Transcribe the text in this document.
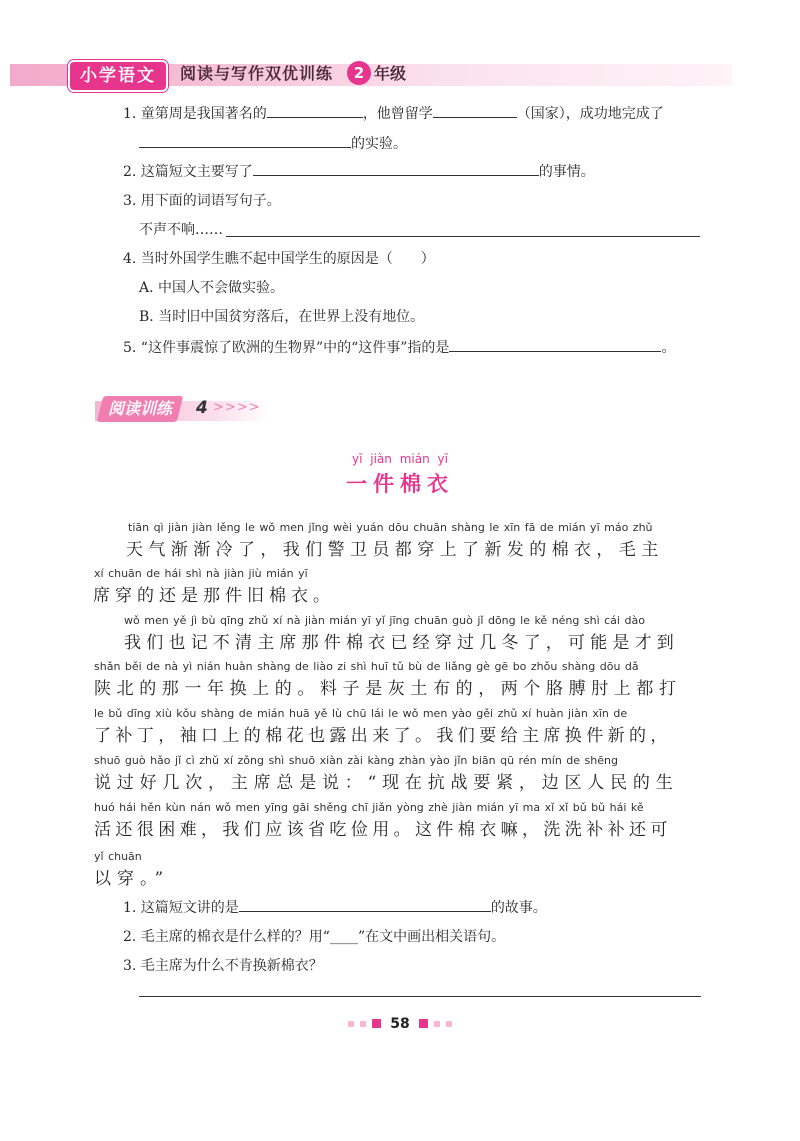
小学语文	阅读与写作双优训练	2 年级
1. 童第周是我国著名的	，他曾留学	（国家），成功地完成了
的实验。
2. 这篇短文主要写了	的事情。
3. 用下面的词语写句子。
不声不响……
4. 当时外国学生瞧不起中国学生的原因是（　　）
A. 中国人不会做实验。
B. 当时旧中国贫穷落后，在世界上没有地位。
5. “这件事震惊了欧洲的生物界”中的“这件事”指的是	。
阅读训练	4 >>>>
yī jiàn mián yī
一件棉衣
tiān qì jiàn jiàn lěng le wǒ men jǐng wèi yuán dōu chuān shàng le xīn fā de mián yī máo zhǔ
天气渐渐冷了，我们警卫员都穿上了新发的棉衣，毛主
xí chuān de hái shì nà jiàn jiù mián yī
席穿的还是那件旧棉衣。
wǒ men yě jì bù qīng zhǔ xí nà jiàn mián yī yǐ jīng chuān guò jǐ dōng le kě néng shì cái dào
我们也记不清主席那件棉衣已经穿过几冬了，可能是才到
shǎn běi de nà yì nián huàn shàng de liào zi shì huī tǔ bù de liǎng gè gē bo zhǒu shàng dōu dǎ
陕北的那一年换上的。料子是灰土布的，两个胳膊肘上都打
le bǔ dīng xiù kǒu shàng de mián huā yě lù chū lái le wǒ men yào gěi zhǔ xí huàn jiàn xīn de
了补丁，袖口上的棉花也露出来了。我们要给主席换件新的，
shuō guò hǎo jǐ cì zhǔ xí zǒng shì shuō xiàn zài kàng zhàn yào jǐn biān qū rén mín de shēng
说过好几次，主席总是说：“现在抗战要紧，边区人民的生
huó hái hěn kùn nán wǒ men yīng gāi shěng chī jiǎn yòng zhè jiàn mián yī ma xǐ xǐ bǔ bǔ hái kě
活还很困难，我们应该省吃俭用。这件棉衣嘛，洗洗补补还可
yǐ chuān
以穿。”
1. 这篇短文讲的是	的故事。
2. 毛主席的棉衣是什么样的？用“____”在文中画出相关语句。
3. 毛主席为什么不肯换新棉衣？
58
